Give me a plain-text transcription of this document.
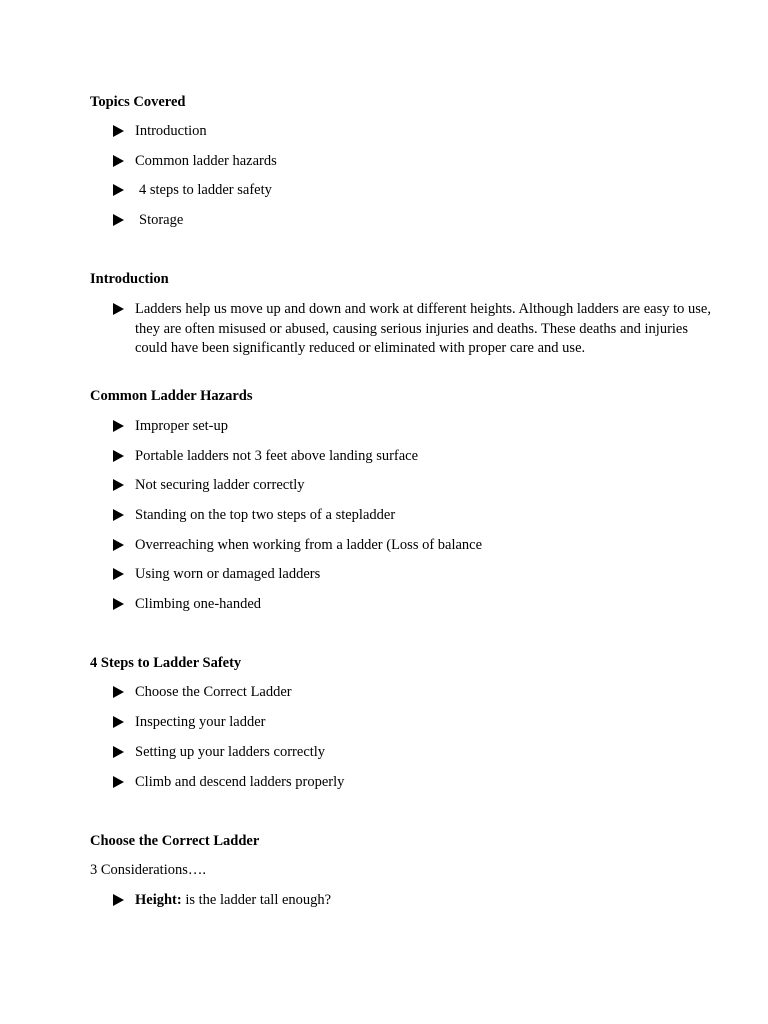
Topics Covered
Introduction
Common ladder hazards
4 steps to ladder safety
Storage
Introduction
Ladders help us move up and down and work at different heights. Although ladders are easy to use, they are often misused or abused, causing serious injuries and deaths. These deaths and injuries could have been significantly reduced or eliminated with proper care and use.
Common Ladder Hazards
Improper set-up
Portable ladders not 3 feet above landing surface
Not securing ladder correctly
Standing on the top two steps of a stepladder
Overreaching when working from a ladder (Loss of balance
Using worn or damaged ladders
Climbing one-handed
4 Steps to Ladder Safety
Choose the Correct Ladder
Inspecting your ladder
Setting up your ladders correctly
Climb and descend ladders properly
Choose the Correct Ladder
3 Considerations….
Height: is the ladder tall enough?
